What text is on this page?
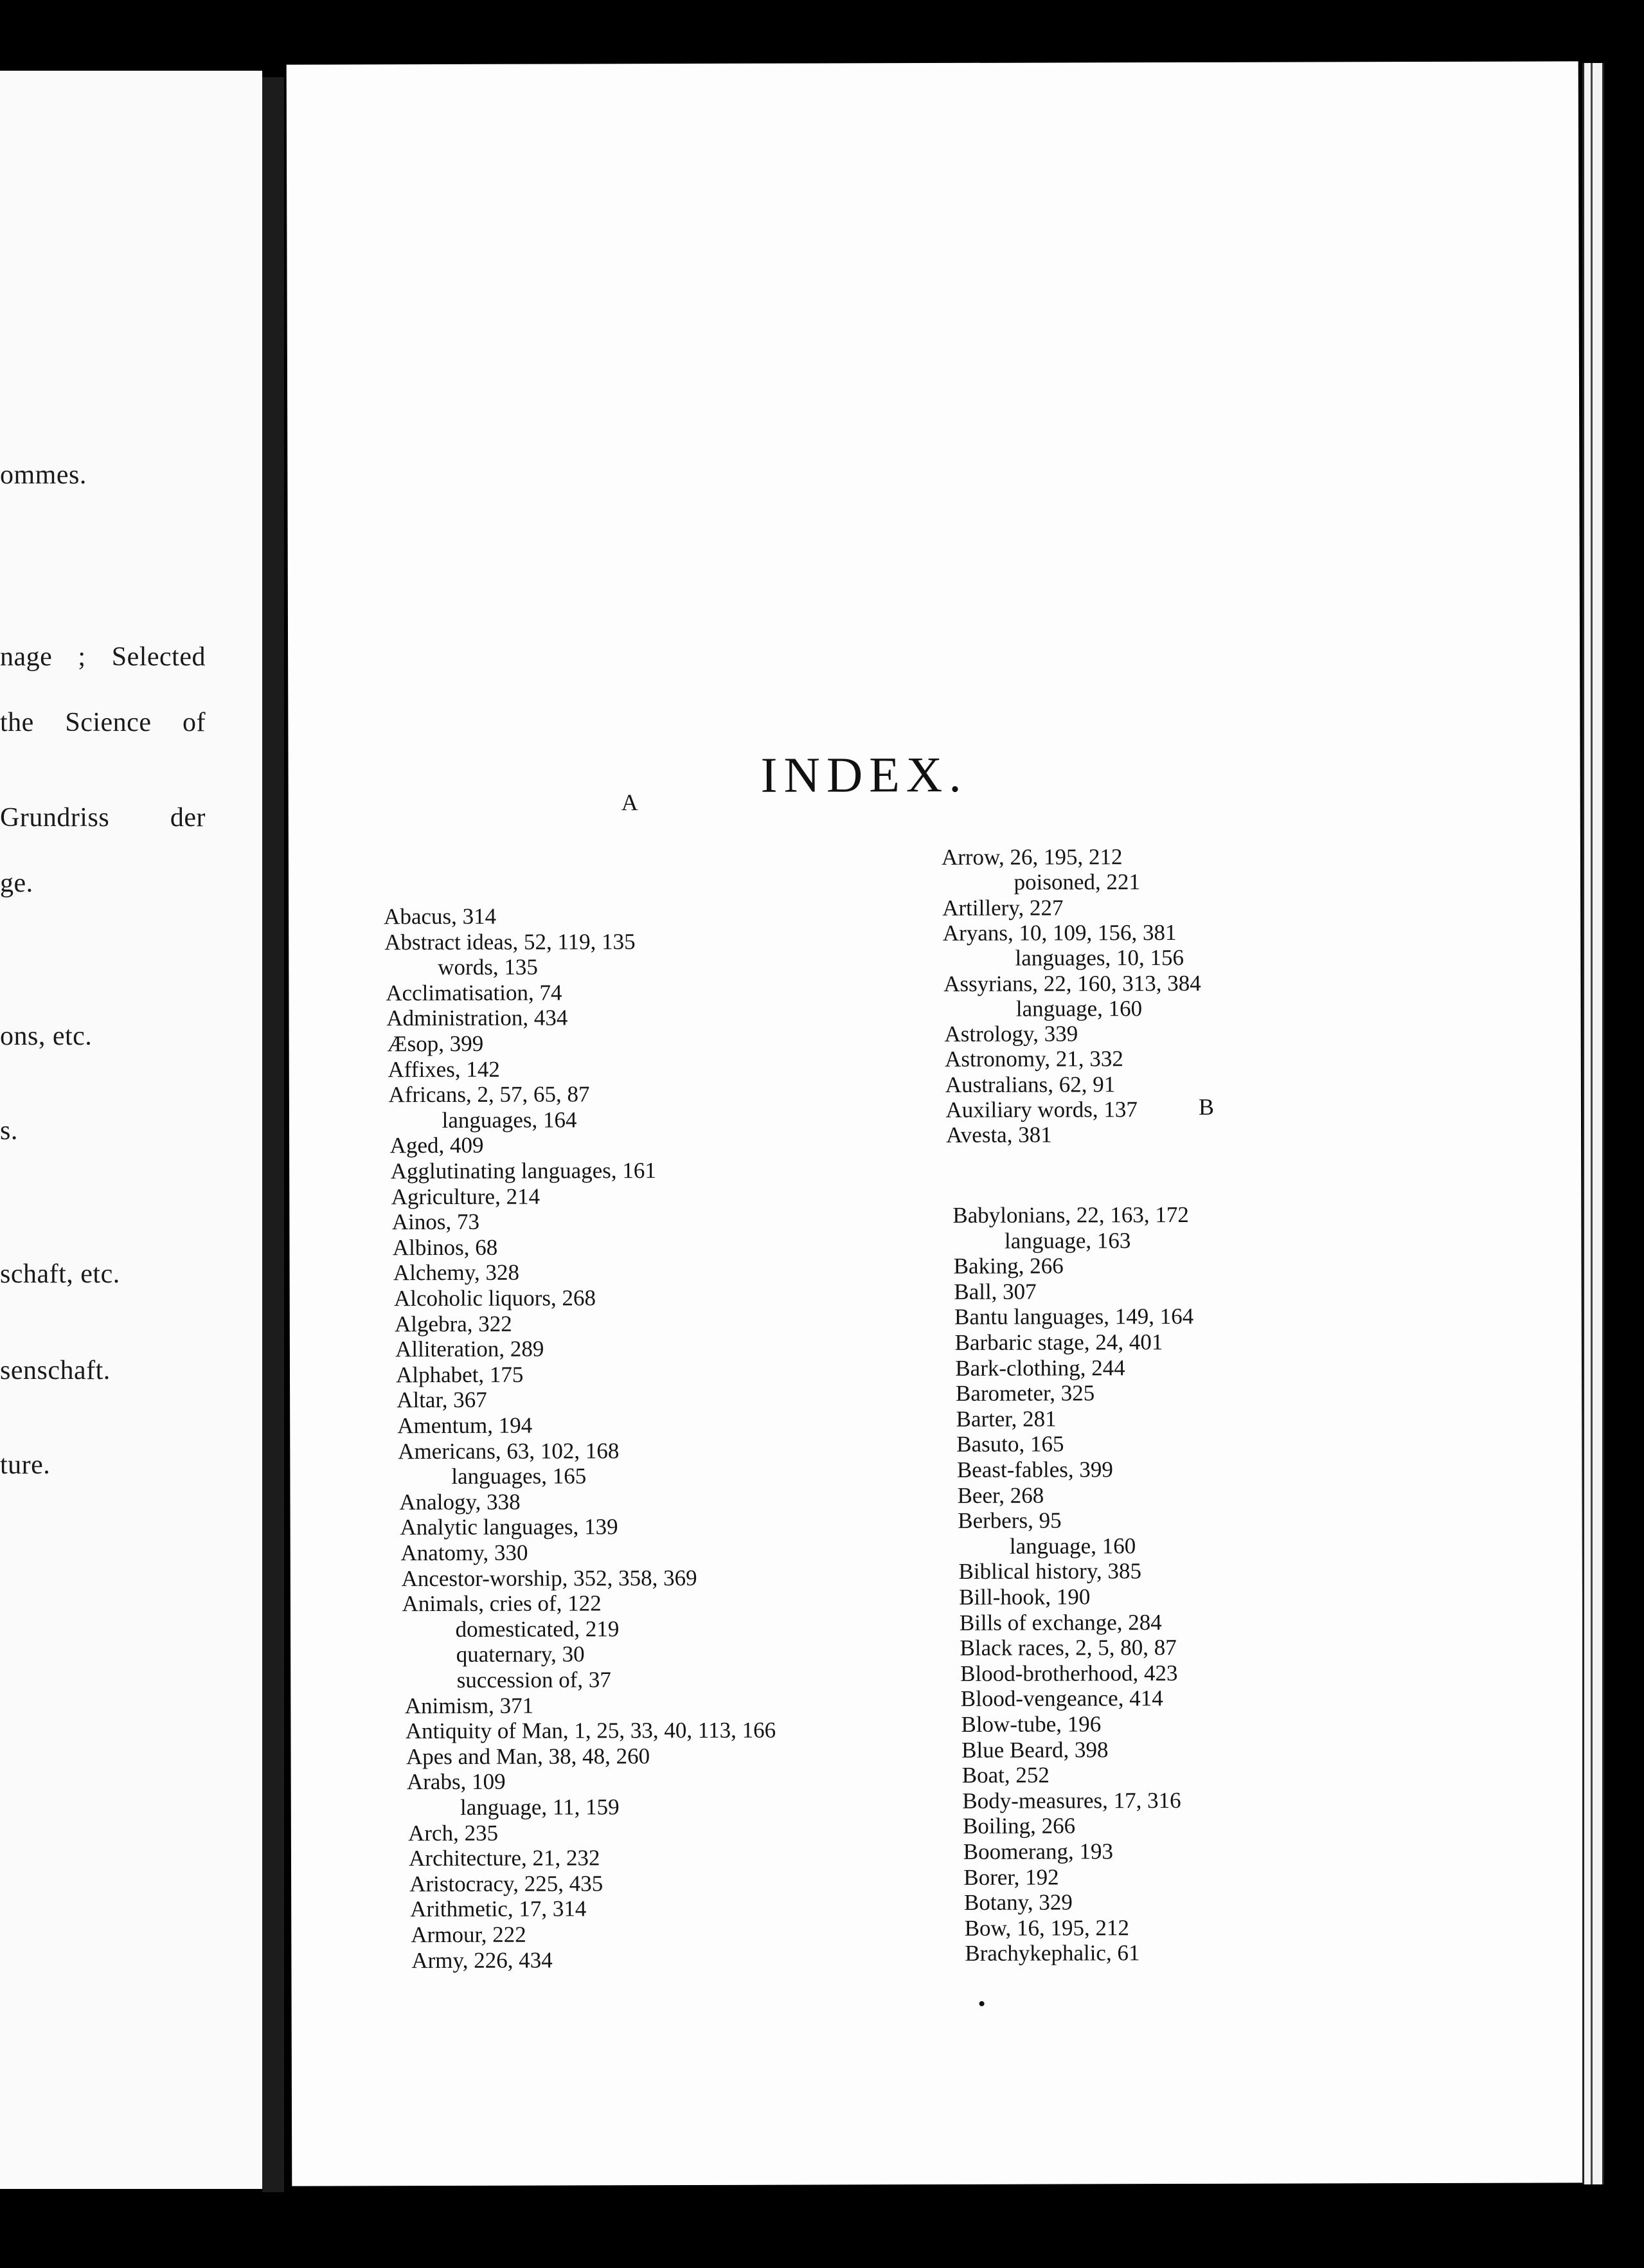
ommes.
nage ; Selected
the Science of
Grundriss der
ge.
ons, etc.
s.
schaft, etc.
senschaft.
ture.
INDEX.
A
Abacus, 314
Abstract ideas, 52, 119, 135
words, 135
Acclimatisation, 74
Administration, 434
Æsop, 399
Affixes, 142
Africans, 2, 57, 65, 87
languages, 164
Aged, 409
Agglutinating languages, 161
Agriculture, 214
Ainos, 73
Albinos, 68
Alchemy, 328
Alcoholic liquors, 268
Algebra, 322
Alliteration, 289
Alphabet, 175
Altar, 367
Amentum, 194
Americans, 63, 102, 168
languages, 165
Analogy, 338
Analytic languages, 139
Anatomy, 330
Ancestor-worship, 352, 358, 369
Animals, cries of, 122
domesticated, 219
quaternary, 30
succession of, 37
Animism, 371
Antiquity of Man, 1, 25, 33, 40, 113, 166
Apes and Man, 38, 48, 260
Arabs, 109
language, 11, 159
Arch, 235
Architecture, 21, 232
Aristocracy, 225, 435
Arithmetic, 17, 314
Armour, 222
Army, 226, 434
Arrow, 26, 195, 212
poisoned, 221
Artillery, 227
Aryans, 10, 109, 156, 381
languages, 10, 156
Assyrians, 22, 160, 313, 384
language, 160
Astrology, 339
Astronomy, 21, 332
Australians, 62, 91
Auxiliary words, 137
Avesta, 381
B
Babylonians, 22, 163, 172
language, 163
Baking, 266
Ball, 307
Bantu languages, 149, 164
Barbaric stage, 24, 401
Bark-clothing, 244
Barometer, 325
Barter, 281
Basuto, 165
Beast-fables, 399
Beer, 268
Berbers, 95
language, 160
Biblical history, 385
Bill-hook, 190
Bills of exchange, 284
Black races, 2, 5, 80, 87
Blood-brotherhood, 423
Blood-vengeance, 414
Blow-tube, 196
Blue Beard, 398
Boat, 252
Body-measures, 17, 316
Boiling, 266
Boomerang, 193
Borer, 192
Botany, 329
Bow, 16, 195, 212
Brachykephalic, 61
